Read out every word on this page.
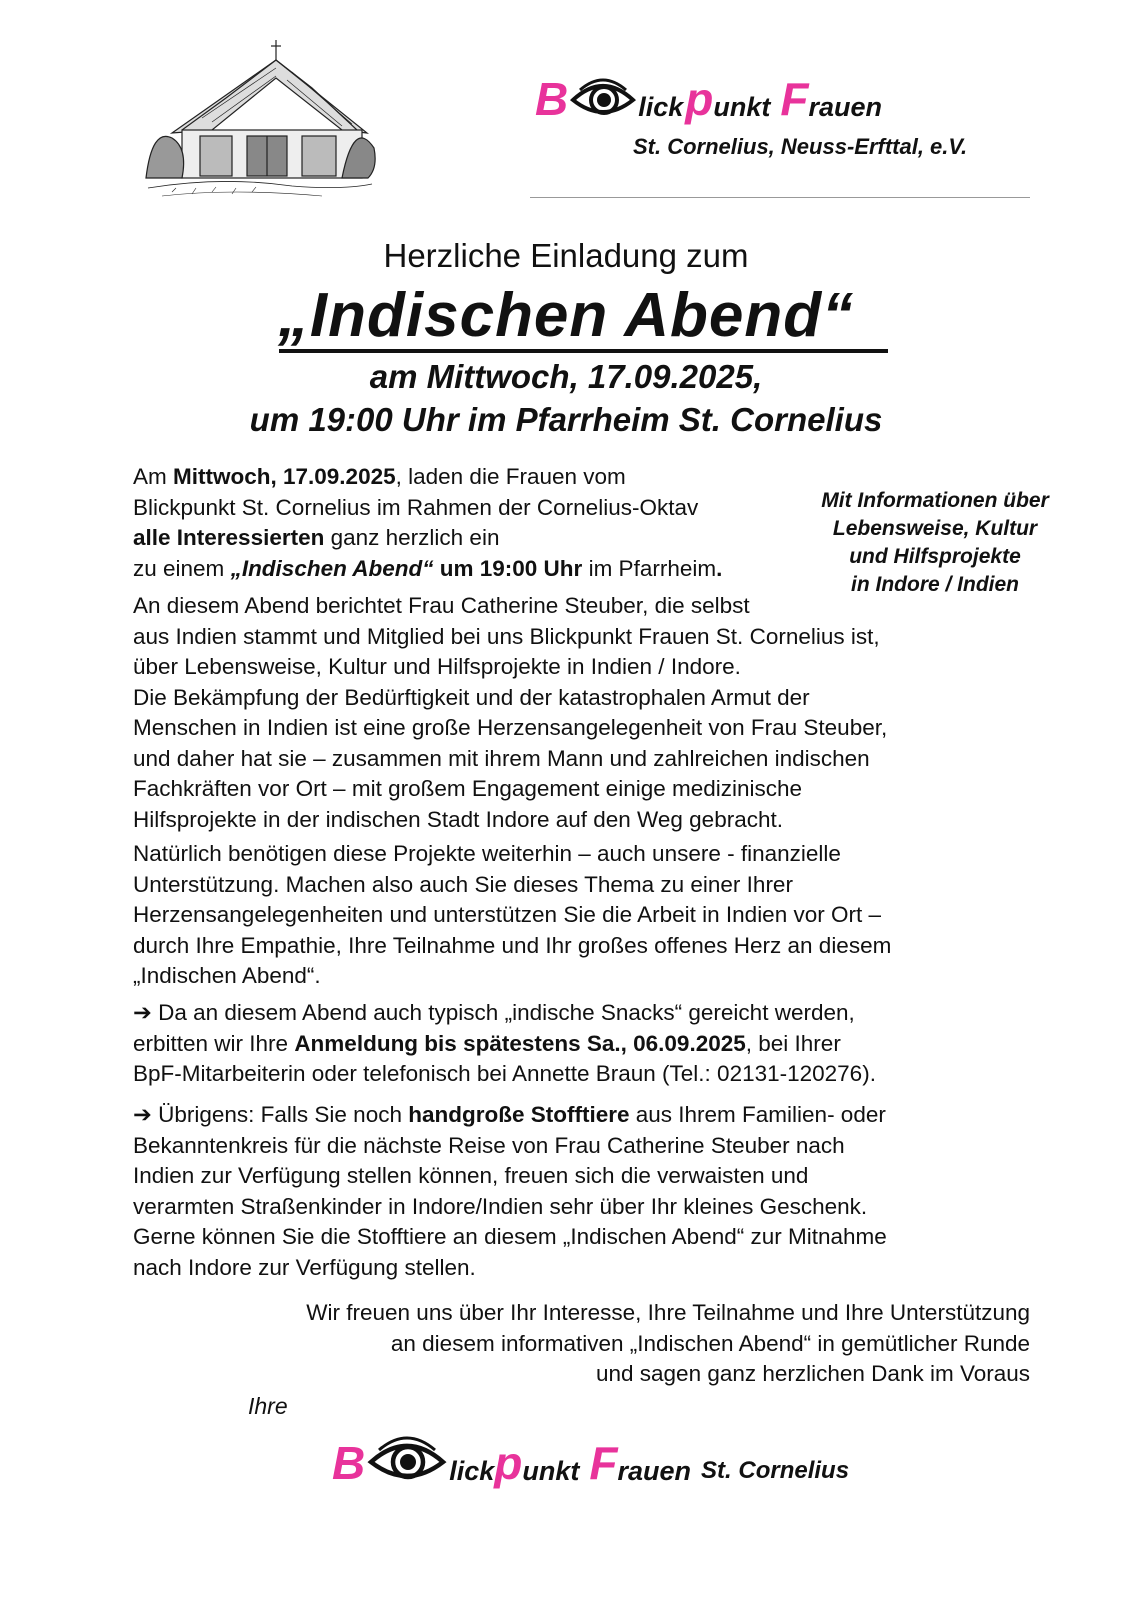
B	lick p unkt F rauen
St. Cornelius, Neuss-Erfttal, e.V.
Herzliche Einladung zum
„Indischen Abend“
am Mittwoch, 17.09.2025,
um 19:00 Uhr im Pfarrheim St. Cornelius
Mit Informationen über
Lebensweise, Kultur
und Hilfsprojekte
in Indore / Indien
Am Mittwoch, 17.09.2025, laden die Frauen vom
Blickpunkt St. Cornelius im Rahmen der Cornelius-Oktav
alle Interessierten ganz herzlich ein
zu einem „Indischen Abend“ um 19:00 Uhr im Pfarrheim.
An diesem Abend berichtet Frau Catherine Steuber, die selbst
aus Indien stammt und Mitglied bei uns Blickpunkt Frauen St. Cornelius ist,
über Lebensweise, Kultur und Hilfsprojekte in Indien / Indore.
Die Bekämpfung der Bedürftigkeit und der katastrophalen Armut der
Menschen in Indien ist eine große Herzensangelegenheit von Frau Steuber,
und daher hat sie – zusammen mit ihrem Mann und zahlreichen indischen
Fachkräften vor Ort – mit großem Engagement einige medizinische
Hilfsprojekte in der indischen Stadt Indore auf den Weg gebracht.
Natürlich benötigen diese Projekte weiterhin – auch unsere - finanzielle
Unterstützung. Machen also auch Sie dieses Thema zu einer Ihrer
Herzensangelegenheiten und unterstützen Sie die Arbeit in Indien vor Ort –
durch Ihre Empathie, Ihre Teilnahme und Ihr großes offenes Herz an diesem
„Indischen Abend“.
➔ Da an diesem Abend auch typisch „indische Snacks“ gereicht werden,
erbitten wir Ihre Anmeldung bis spätestens Sa., 06.09.2025, bei Ihrer
BpF-Mitarbeiterin oder telefonisch bei Annette Braun (Tel.: 02131-120276).
➔ Übrigens: Falls Sie noch handgroße Stofftiere aus Ihrem Familien- oder
Bekanntenkreis für die nächste Reise von Frau Catherine Steuber nach
Indien zur Verfügung stellen können, freuen sich die verwaisten und
verarmten Straßenkinder in Indore/Indien sehr über Ihr kleines Geschenk.
Gerne können Sie die Stofftiere an diesem „Indischen Abend“ zur Mitnahme
nach Indore zur Verfügung stellen.
Wir freuen uns über Ihr Interesse, Ihre Teilnahme und Ihre Unterstützung
an diesem informativen „Indischen Abend“ in gemütlicher Runde
und sagen ganz herzlichen Dank im Voraus
Ihre
B	lick p unkt F rauen St. Cornelius
